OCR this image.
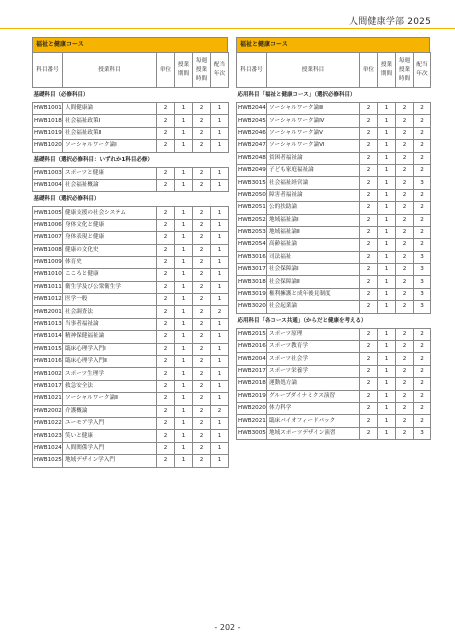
人間健康学部 2025
福祉と健康コース
科目番号	授業科目	単位	授業期間	毎週授業時間	配当年次
基礎科目（必修科目）					
HWB1001	人間健康論	2	1	2	1
HWB1018	社会福祉政策Ⅰ	2	1	2	1
HWB1019	社会福祉政策Ⅱ	2	1	2	1
HWB1020	ソーシャルワーク論Ⅰ	2	1	2	1
基礎科目（選択必修科目：いずれか1科目必修）					
HWB1003	スポーツと健康	2	1	2	1
HWB1004	社会福祉概論	2	1	2	1
基礎科目（選択必修科目）					
HWB1005	健康支援の社会システム	2	1	2	1
HWB1006	身体文化と健康	2	1	2	1
HWB1007	身体表現と健康	2	1	2	1
HWB1008	健康の文化史	2	1	2	1
HWB1009	体育史	2	1	2	1
HWB1010	こころと健康	2	1	2	1
HWB1011	衛生学及び公衆衛生学	2	1	2	1
HWB1012	医学一般	2	1	2	1
HWB2001	社会調査法	2	1	2	2
HWB1013	当事者福祉論	2	1	2	1
HWB1014	精神保健福祉論	2	1	2	1
HWB1015	臨床心理学入門Ⅰ	2	1	2	1
HWB1016	臨床心理学入門Ⅱ	2	1	2	1
HWB1002	スポーツ生理学	2	1	2	1
HWB1017	救急安全法	2	1	2	1
HWB1021	ソーシャルワーク論Ⅱ	2	1	2	1
HWB2002	介護概論	2	1	2	2
HWB1022	ユーモア学入門	2	1	2	1
HWB1023	笑いと健康	2	1	2	1
HWB1024	人間関係学入門	2	1	2	1
HWB1025	地域デザイン学入門	2	1	2	1
福祉と健康コース
科目番号	授業科目	単位	授業期間	毎週授業時間	配当年次
応用科目「福祉と健康コース」（選択必修科目）					
HWB2044	ソーシャルワーク論Ⅲ	2	1	2	2
HWB2045	ソーシャルワーク論Ⅳ	2	1	2	2
HWB2046	ソーシャルワーク論Ⅴ	2	1	2	2
HWB2047	ソーシャルワーク論Ⅵ	2	1	2	2
HWB2048	貧困者福祉論	2	1	2	2
HWB2049	子ども家庭福祉論	2	1	2	2
HWB3015	社会福祉経営論	2	1	2	3
HWB2050	障害者福祉論	2	1	2	2
HWB2051	公的扶助論	2	1	2	2
HWB2052	地域福祉論Ⅰ	2	1	2	2
HWB2053	地域福祉論Ⅱ	2	1	2	2
HWB2054	高齢福祉論	2	1	2	2
HWB3016	司法福祉	2	1	2	3
HWB3017	社会保障論Ⅰ	2	1	2	3
HWB3018	社会保障論Ⅱ	2	1	2	3
HWB3019	権利擁護と成年後見制度	2	1	2	3
HWB3020	社会起業論	2	1	2	3
応用科目「各コース共通」（からだと健康を考える）					
HWB2015	スポーツ原理	2	1	2	2
HWB2016	スポーツ教育学	2	1	2	2
HWB2004	スポーツ社会学	2	1	2	2
HWB2017	スポーツ栄養学	2	1	2	2
HWB2018	運動処方論	2	1	2	2
HWB2019	グループダイナミクス演習	2	1	2	2
HWB2020	体力科学	2	1	2	2
HWB2021	臨床バイオフィードバック	2	1	2	2
HWB3005	地域スポーツデザイン演習	2	1	2	3
- 202 -
